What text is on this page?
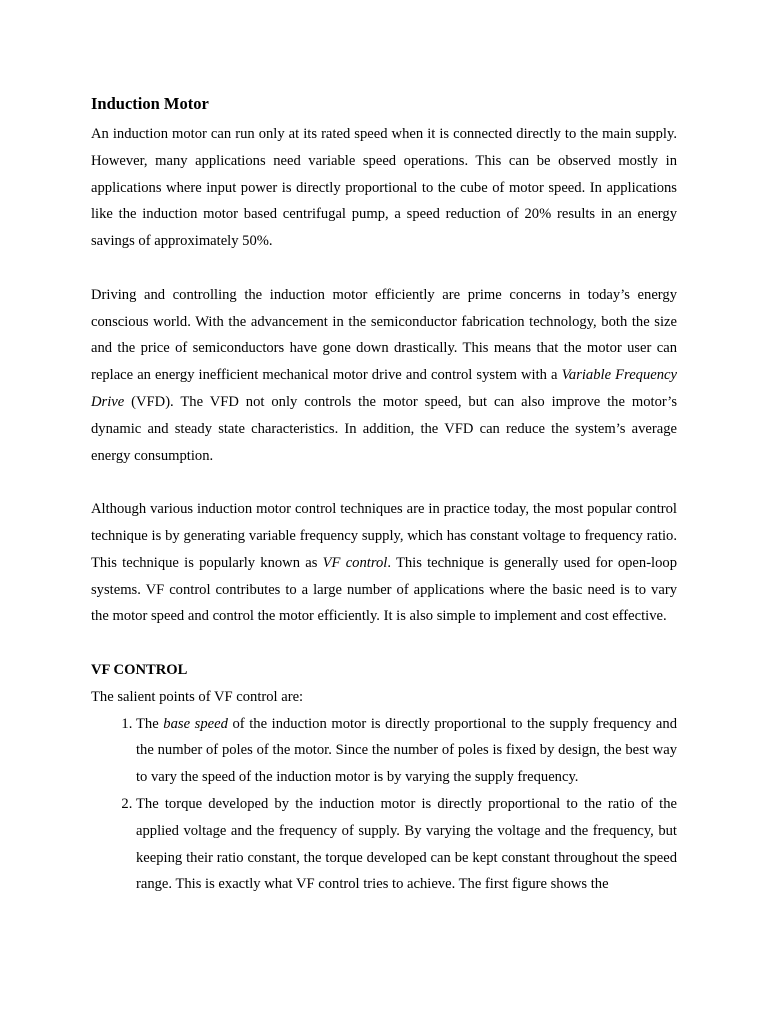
Induction Motor

An induction motor can run only at its rated speed when it is connected directly to the main supply. However, many applications need variable speed operations. This can be observed mostly in applications where input power is directly proportional to the cube of motor speed. In applications like the induction motor based centrifugal pump, a speed reduction of 20% results in an energy savings of approximately 50%.

Driving and controlling the induction motor efficiently are prime concerns in today’s energy conscious world. With the advancement in the semiconductor fabrication technology, both the size and the price of semiconductors have gone down drastically. This means that the motor user can replace an energy inefficient mechanical motor drive and control system with a Variable Frequency Drive (VFD). The VFD not only controls the motor speed, but can also improve the motor’s dynamic and steady state characteristics. In addition, the VFD can reduce the system’s average energy consumption.

Although various induction motor control techniques are in practice today, the most popular control technique is by generating variable frequency supply, which has constant voltage to frequency ratio. This technique is popularly known as VF control. This technique is generally used for open-loop systems. VF control contributes to a large number of applications where the basic need is to vary the motor speed and control the motor efficiently. It is also simple to implement and cost effective.

VF CONTROL

The salient points of VF control are:

1. The base speed of the induction motor is directly proportional to the supply frequency and the number of poles of the motor. Since the number of poles is fixed by design, the best way to vary the speed of the induction motor is by varying the supply frequency.
2. The torque developed by the induction motor is directly proportional to the ratio of the applied voltage and the frequency of supply. By varying the voltage and the frequency, but keeping their ratio constant, the torque developed can be kept constant throughout the speed range. This is exactly what VF control tries to achieve. The first figure shows the
